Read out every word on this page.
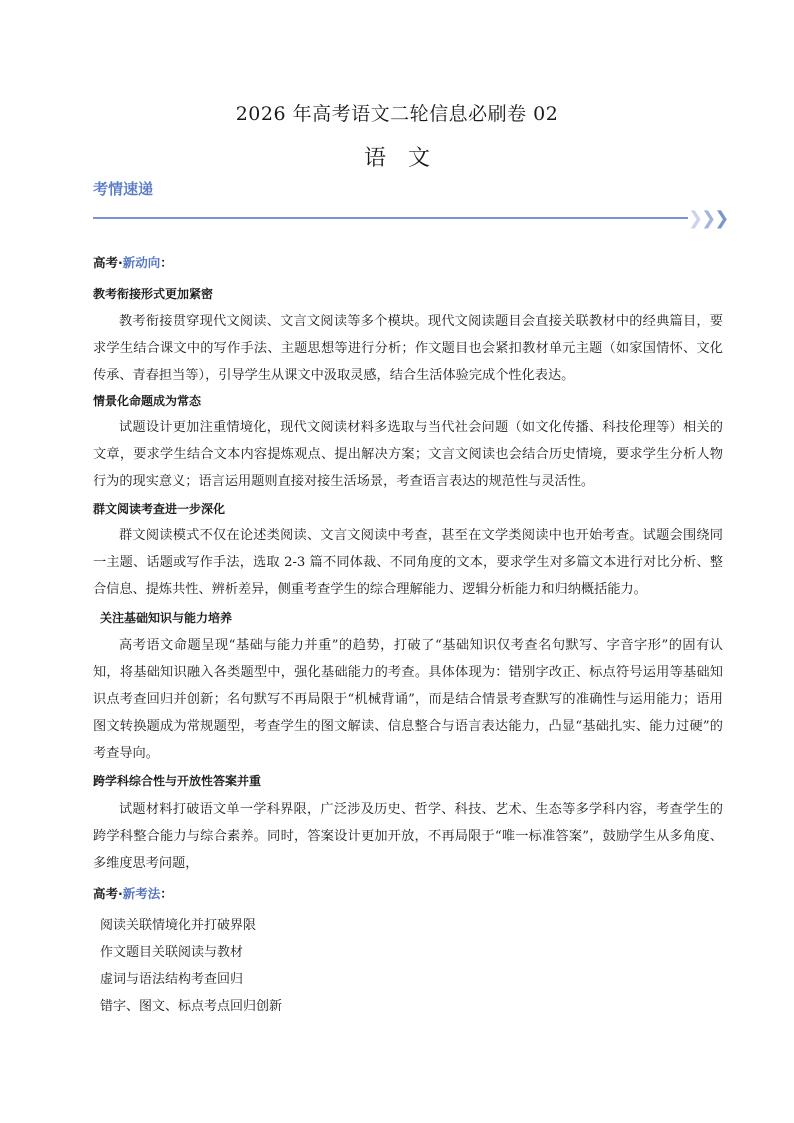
2026 年高考语文二轮信息必刷卷 02
语文
考情速递
❯❯❯
高考·新动向：
教考衔接形式更加紧密
教考衔接贯穿现代文阅读、文言文阅读等多个模块。现代文阅读题目会直接关联教材中的经典篇目，要求学生结合课文中的写作手法、主题思想等进行分析；作文题目也会紧扣教材单元主题（如家国情怀、文化传承、青春担当等），引导学生从课文中汲取灵感，结合生活体验完成个性化表达。
情景化命题成为常态
试题设计更加注重情境化，现代文阅读材料多选取与当代社会问题（如文化传播、科技伦理等）相关的文章，要求学生结合文本内容提炼观点、提出解决方案；文言文阅读也会结合历史情境，要求学生分析人物行为的现实意义；语言运用题则直接对接生活场景，考查语言表达的规范性与灵活性。
群文阅读考查进一步深化
群文阅读模式不仅在论述类阅读、文言文阅读中考查，甚至在文学类阅读中也开始考查。试题会围绕同一主题、话题或写作手法，选取 2-3 篇不同体裁、不同角度的文本，要求学生对多篇文本进行对比分析、整合信息、提炼共性、辨析差异，侧重考查学生的综合理解能力、逻辑分析能力和归纳概括能力。
关注基础知识与能力培养
高考语文命题呈现“基础与能力并重”的趋势，打破了“基础知识仅考查名句默写、字音字形”的固有认知，将基础知识融入各类题型中，强化基础能力的考查。具体体现为：错别字改正、标点符号运用等基础知识点考查回归并创新；名句默写不再局限于“机械背诵”，而是结合情景考查默写的准确性与运用能力；语用图文转换题成为常规题型，考查学生的图文解读、信息整合与语言表达能力，凸显“基础扎实、能力过硬”的考查导向。
跨学科综合性与开放性答案并重
试题材料打破语文单一学科界限，广泛涉及历史、哲学、科技、艺术、生态等多学科内容，考查学生的跨学科整合能力与综合素养。同时，答案设计更加开放，不再局限于“唯一标准答案”，鼓励学生从多角度、多维度思考问题，
高考·新考法：
阅读关联情境化并打破界限
作文题目关联阅读与教材
虚词与语法结构考查回归
错字、图文、标点考点回归创新
